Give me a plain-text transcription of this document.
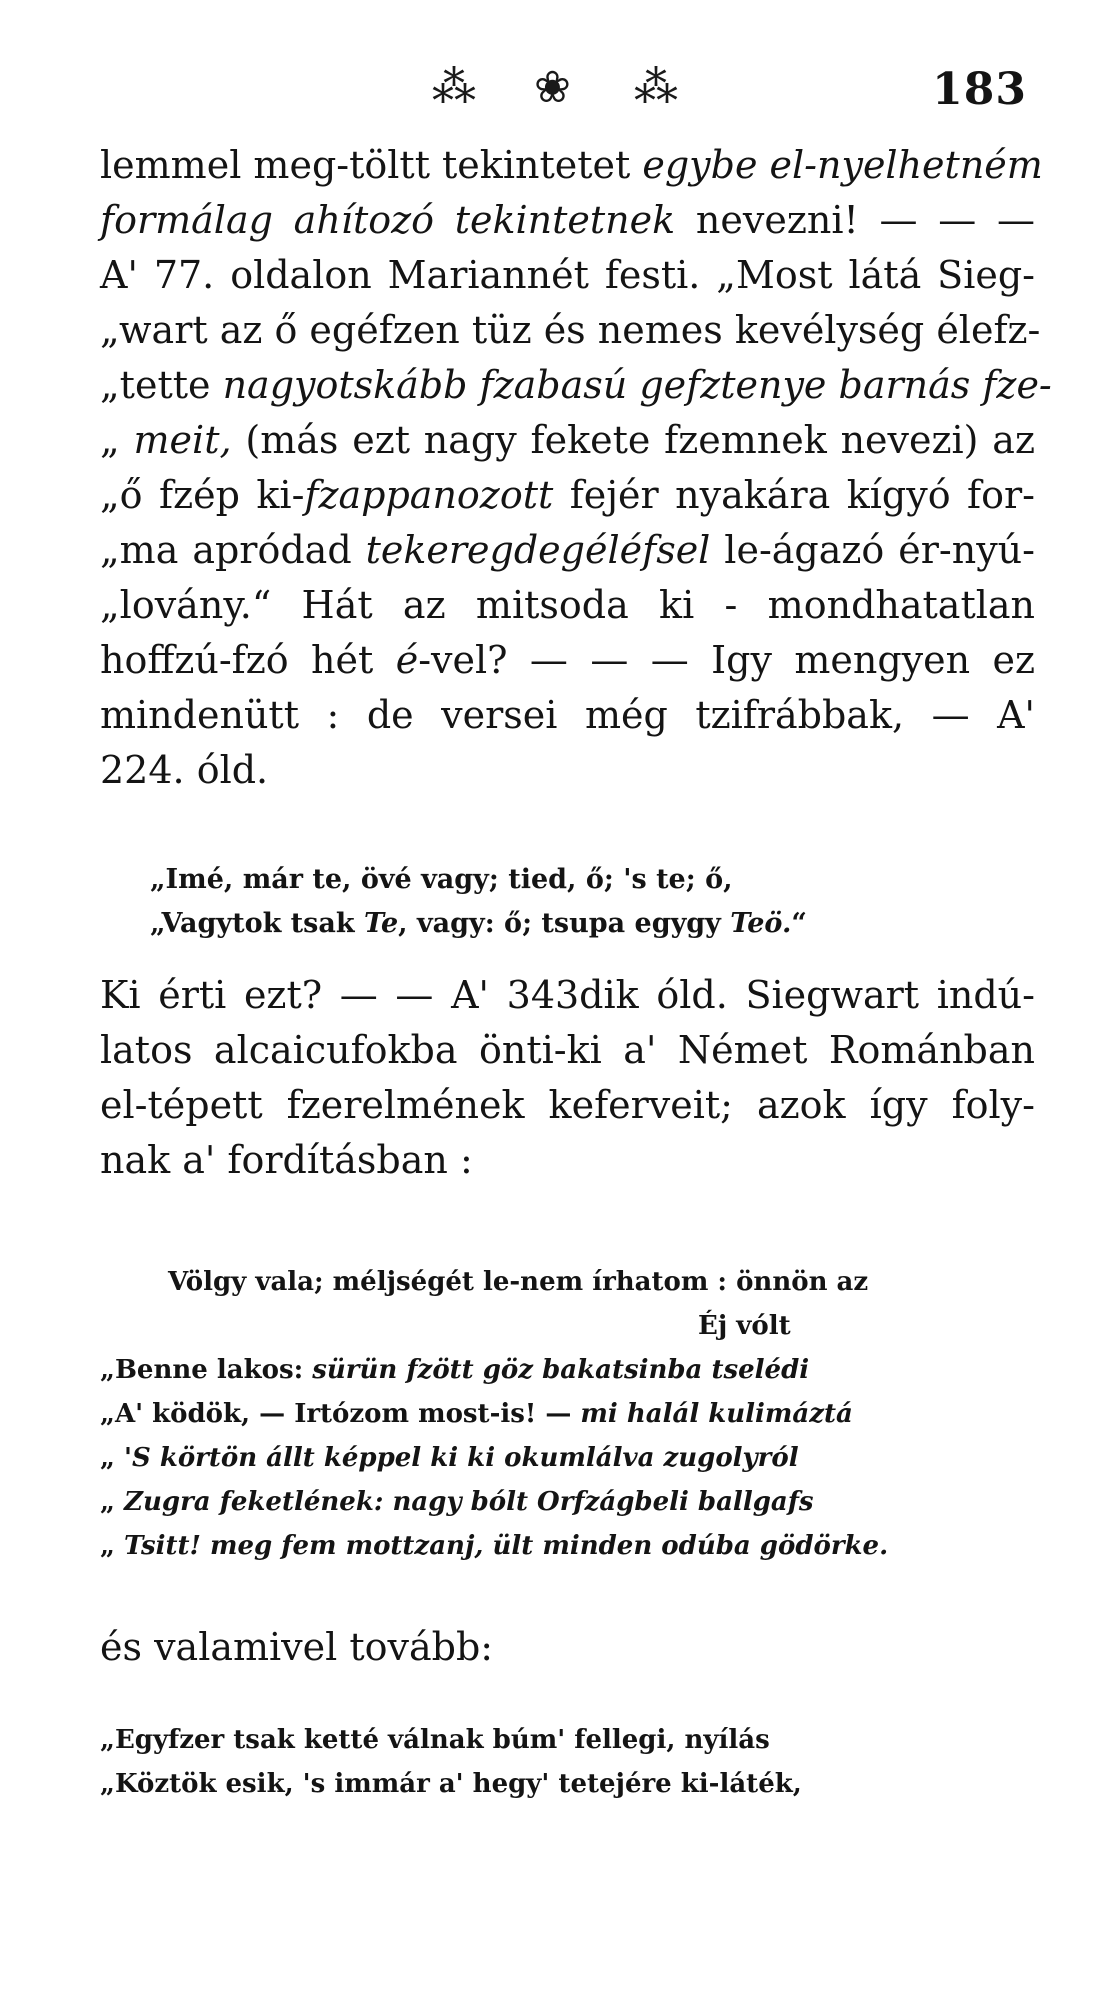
⁂ ❀ ⁂	183
lemmel meg-töltt tekintetet egybe el-nyelhetném
formálag ahítozó tekintetnek nevezni! — — —
A' 77. oldalon Mariannét festi. „Most látá Sieg-
„wart az ő egéfzen tüz és nemes kevélység élefz-
„tette nagyotskább fzabasú gefztenye barnás fze-
„ meit, (más ezt nagy fekete fzemnek nevezi) az
„ő fzép ki-fzappanozott fejér nyakára kígyó for-
„ma apródad tekeregdegéléfsel le-ágazó ér-nyú-
„lovány.“ Hát az mitsoda ki - mondhatatlan
hoffzú-fzó hét é-vel? — — — Igy mengyen ez
mindenütt : de versei még tzifrábbak, — A'
224. óld.
„Imé, már te, övé vagy; tied, ő; 's te; ő,
„Vagytok tsak Te, vagy: ő; tsupa egygy Teö.“
Ki érti ezt? — — A' 343dik óld. Siegwart indú-
latos alcaicufokba önti-ki a' Német Románban
el-tépett fzerelmének keferveit; azok így foly-
nak a' fordításban :
Völgy vala; méljségét le-nem írhatom : önnön az
Éj vólt
„Benne lakos: sürün fzött göz bakatsinba tselédi
„A' ködök, — Irtózom most-is! — mi halál kulimáztá
„ 'S körtön állt képpel ki ki okumlálva zugolyról
„ Zugra feketlének: nagy bólt Orfzágbeli ballgafs
„ Tsitt! meg fem mottzanj, ült minden odúba gödörke.
és valamivel tovább:
„Egyfzer tsak ketté válnak búm' fellegi, nyílás
„Köztök esik, 's immár a' hegy' tetejére ki-láték,
